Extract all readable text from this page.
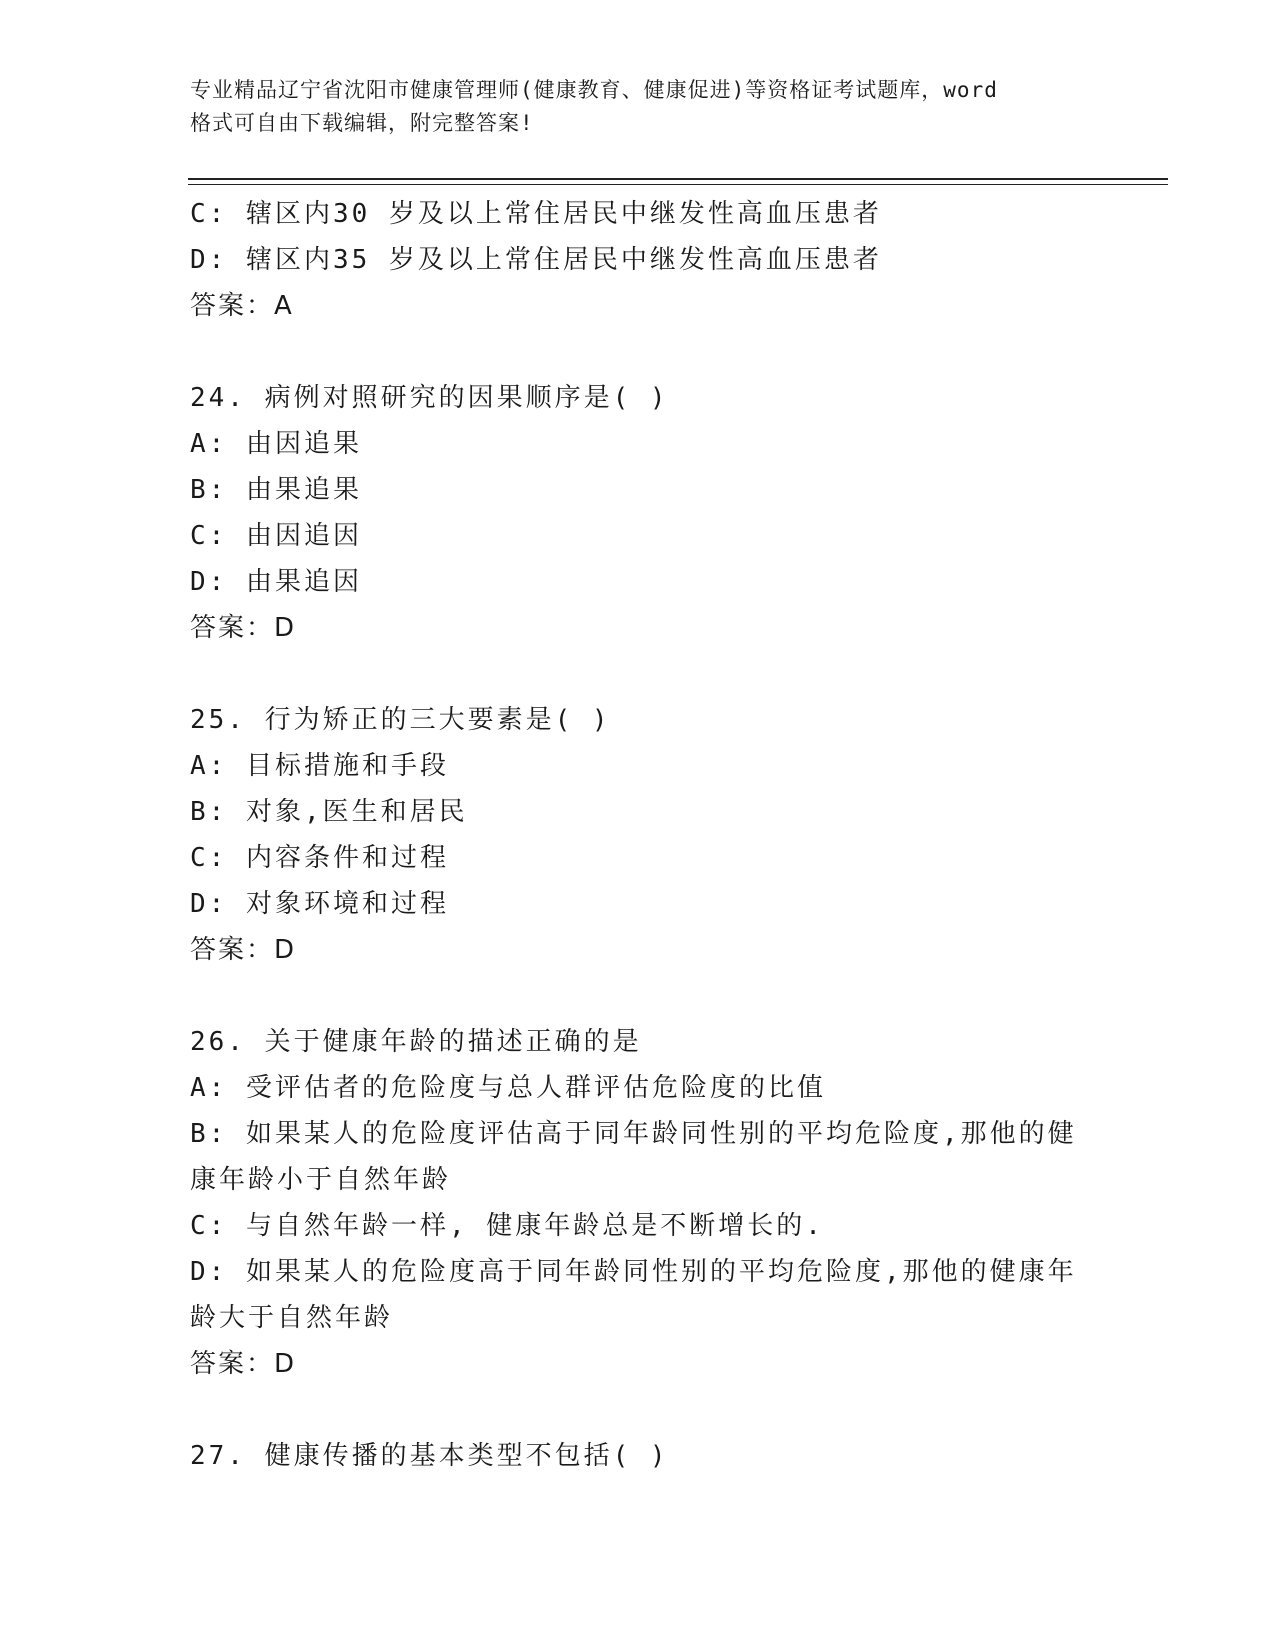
专业精品辽宁省沈阳市健康管理师(健康教育、健康促进)等资格证考试题库，word
格式可自由下载编辑，附完整答案!
C: 辖区内30 岁及以上常住居民中继发性高血压患者
D: 辖区内35 岁及以上常住居民中继发性高血压患者
答案：A
24. 病例对照研究的因果顺序是( )
A: 由因追果
B: 由果追果
C: 由因追因
D: 由果追因
答案：D
25. 行为矫正的三大要素是( )
A: 目标措施和手段
B: 对象,医生和居民
C: 内容条件和过程
D: 对象环境和过程
答案：D
26. 关于健康年龄的描述正确的是
A: 受评估者的危险度与总人群评估危险度的比值
B: 如果某人的危险度评估高于同年龄同性别的平均危险度,那他的健
康年龄小于自然年龄
C: 与自然年龄一样, 健康年龄总是不断增长的.
D: 如果某人的危险度高于同年龄同性别的平均危险度,那他的健康年
龄大于自然年龄
答案：D
27. 健康传播的基本类型不包括( )
